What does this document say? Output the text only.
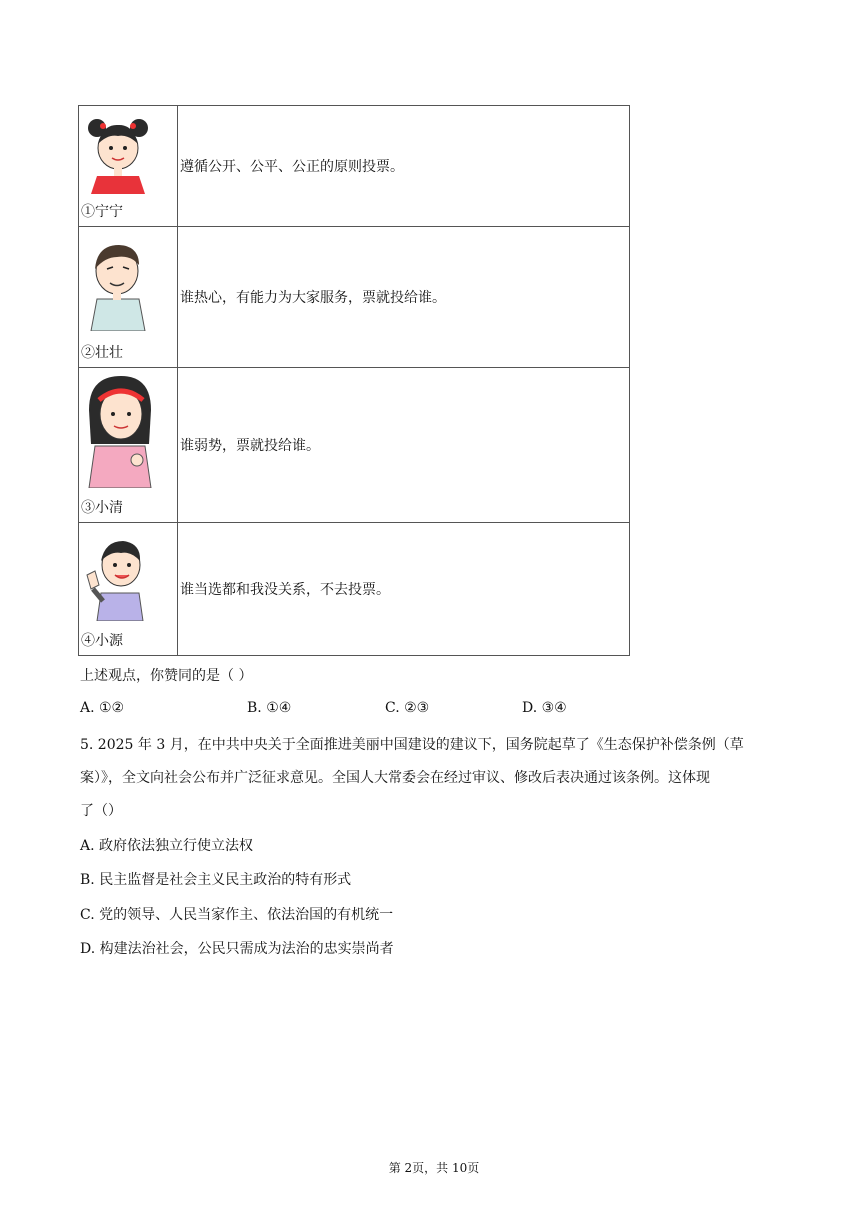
①宁宁	遵循公开、公平、公正的原则投票。

②壮壮	谁热心，有能力为大家服务，票就投给谁。

③小清	谁弱势，票就投给谁。

④小源	谁当选都和我没关系，不去投票。
上述观点，你赞同的是（ ）
A. ①②	B. ①④	C. ②③	D. ③④
5. 2025 年 3 月，在中共中央关于全面推进美丽中国建设的建议下，国务院起草了《生态保护补偿条例（草
案）》，全文向社会公布并广泛征求意见。全国人大常委会在经过审议、修改后表决通过该条例。这体现
了（）
A. 政府依法独立行使立法权
B. 民主监督是社会主义民主政治的特有形式
C. 党的领导、人民当家作主、依法治国的有机统一
D. 构建法治社会，公民只需成为法治的忠实崇尚者
第 2页，共 10页
